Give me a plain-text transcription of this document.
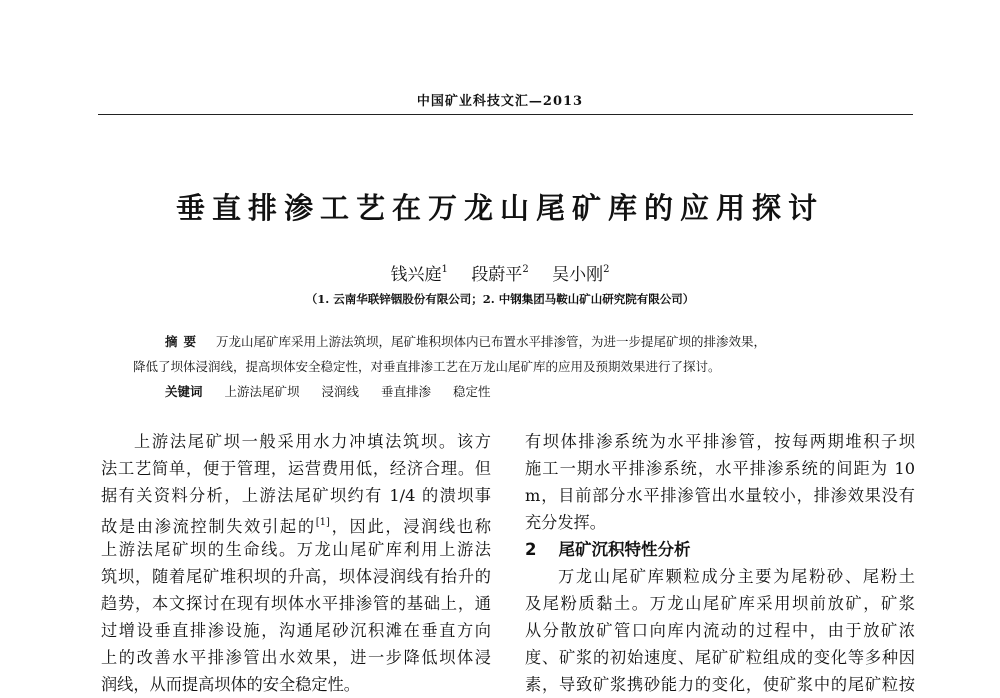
中国矿业科技文汇—2013
垂直排渗工艺在万龙山尾矿库的应用探讨
钱兴庭$^1$ 段蔚平$^2$ 吴小刚$^2$
（1. 云南华联锌铟股份有限公司；2. 中钢集团马鞍山矿山研究院有限公司）
摘要 万龙山尾矿库采用上游法筑坝，尾矿堆积坝体内已布置水平排渗管，为进一步提尾矿坝的排渗效果，
降低了坝体浸润线，提高坝体安全稳定性，对垂直排渗工艺在万龙山尾矿库的应用及预期效果进行了探讨。
关键词 上游法尾矿坝 浸润线 垂直排渗 稳定性
上游法尾矿坝一般采用水力冲填法筑坝。该方
法工艺简单，便于管理，运营费用低，经济合理。但
据有关资料分析，上游法尾矿坝约有 1/4 的溃坝事
故是由渗流控制失效引起的[1]，因此，浸润线也称
上游法尾矿坝的生命线。万龙山尾矿库利用上游法
筑坝，随着尾矿堆积坝的升高，坝体浸润线有抬升的
趋势，本文探讨在现有坝体水平排渗管的基础上，通
过增设垂直排渗设施，沟通尾砂沉积滩在垂直方向
上的改善水平排渗管出水效果，进一步降低坝体浸
润线，从而提高坝体的安全稳定性。
有坝体排渗系统为水平排渗管，按每两期堆积子坝
施工一期水平排渗系统，水平排渗系统的间距为 10
m，目前部分水平排渗管出水量较小，排渗效果没有
充分发挥。
2 尾矿沉积特性分析
万龙山尾矿库颗粒成分主要为尾粉砂、尾粉土
及尾粉质黏土。万龙山尾矿库采用坝前放矿，矿浆
从分散放矿管口向库内流动的过程中，由于放矿浓
度、矿浆的初始速度、尾矿矿粒组成的变化等多种因
素，导致矿浆携砂能力的变化，使矿浆中的尾矿粒按
